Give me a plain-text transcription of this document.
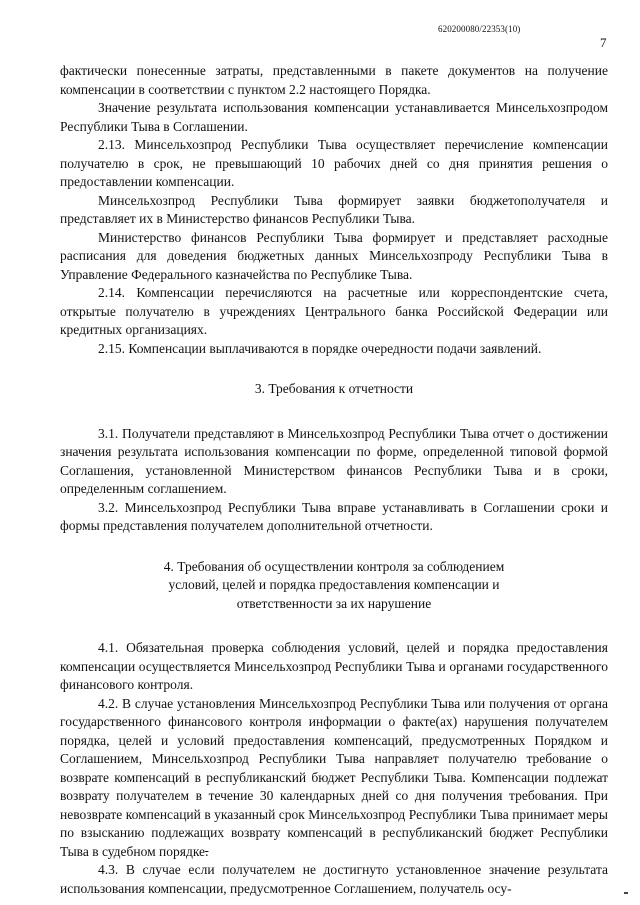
620200080/22353(10)
7

фактически понесенные затраты, представленными в пакете документов на получение компенсации в соответствии с пунктом 2.2 настоящего Порядка.

Значение результата использования компенсации устанавливается Минсельхозпродом Республики Тыва в Соглашении.

2.13. Минсельхозпрод Республики Тыва осуществляет перечисление компенсации получателю в срок, не превышающий 10 рабочих дней со дня принятия решения о предоставлении компенсации.

Минсельхозпрод Республики Тыва формирует заявки бюджетополучателя и представляет их в Министерство финансов Республики Тыва.

Министерство финансов Республики Тыва формирует и представляет расходные расписания для доведения бюджетных данных Минсельхозпроду Республики Тыва в Управление Федерального казначейства по Республике Тыва.

2.14. Компенсации перечисляются на расчетные или корреспондентские счета, открытые получателю в учреждениях Центрального банка Российской Федерации или кредитных организациях.

2.15. Компенсации выплачиваются в порядке очередности подачи заявлений.

3. Требования к отчетности

3.1. Получатели представляют в Минсельхозпрод Республики Тыва отчет о достижении значения результата использования компенсации по форме, определенной типовой формой Соглашения, установленной Министерством финансов Республики Тыва и в сроки, определенным соглашением.

3.2. Минсельхозпрод Республики Тыва вправе устанавливать в Соглашении сроки и формы представления получателем дополнительной отчетности.

4. Требования об осуществлении контроля за соблюдением
условий, целей и порядка предоставления компенсации и
ответственности за их нарушение

4.1. Обязательная проверка соблюдения условий, целей и порядка предоставления компенсации осуществляется Минсельхозпрод Республики Тыва и органами государственного финансового контроля.

4.2. В случае установления Минсельхозпрод Республики Тыва или получения от органа государственного финансового контроля информации о факте(ах) нарушения получателем порядка, целей и условий предоставления компенсаций, предусмотренных Порядком и Соглашением, Минсельхозпрод Республики Тыва направляет получателю требование о возврате компенсаций в республиканский бюджет Республики Тыва. Компенсации подлежат возврату получателем в течение 30 календарных дней со дня получения требования. При невозврате компенсаций в указанный срок Минсельхозпрод Республики Тыва принимает меры по взысканию подлежащих возврату компенсаций в республиканский бюджет Республики Тыва в судебном порядке.

4.3. В случае если получателем не достигнуто установленное значение результата использования компенсации, предусмотренное Соглашением, получатель осу-
